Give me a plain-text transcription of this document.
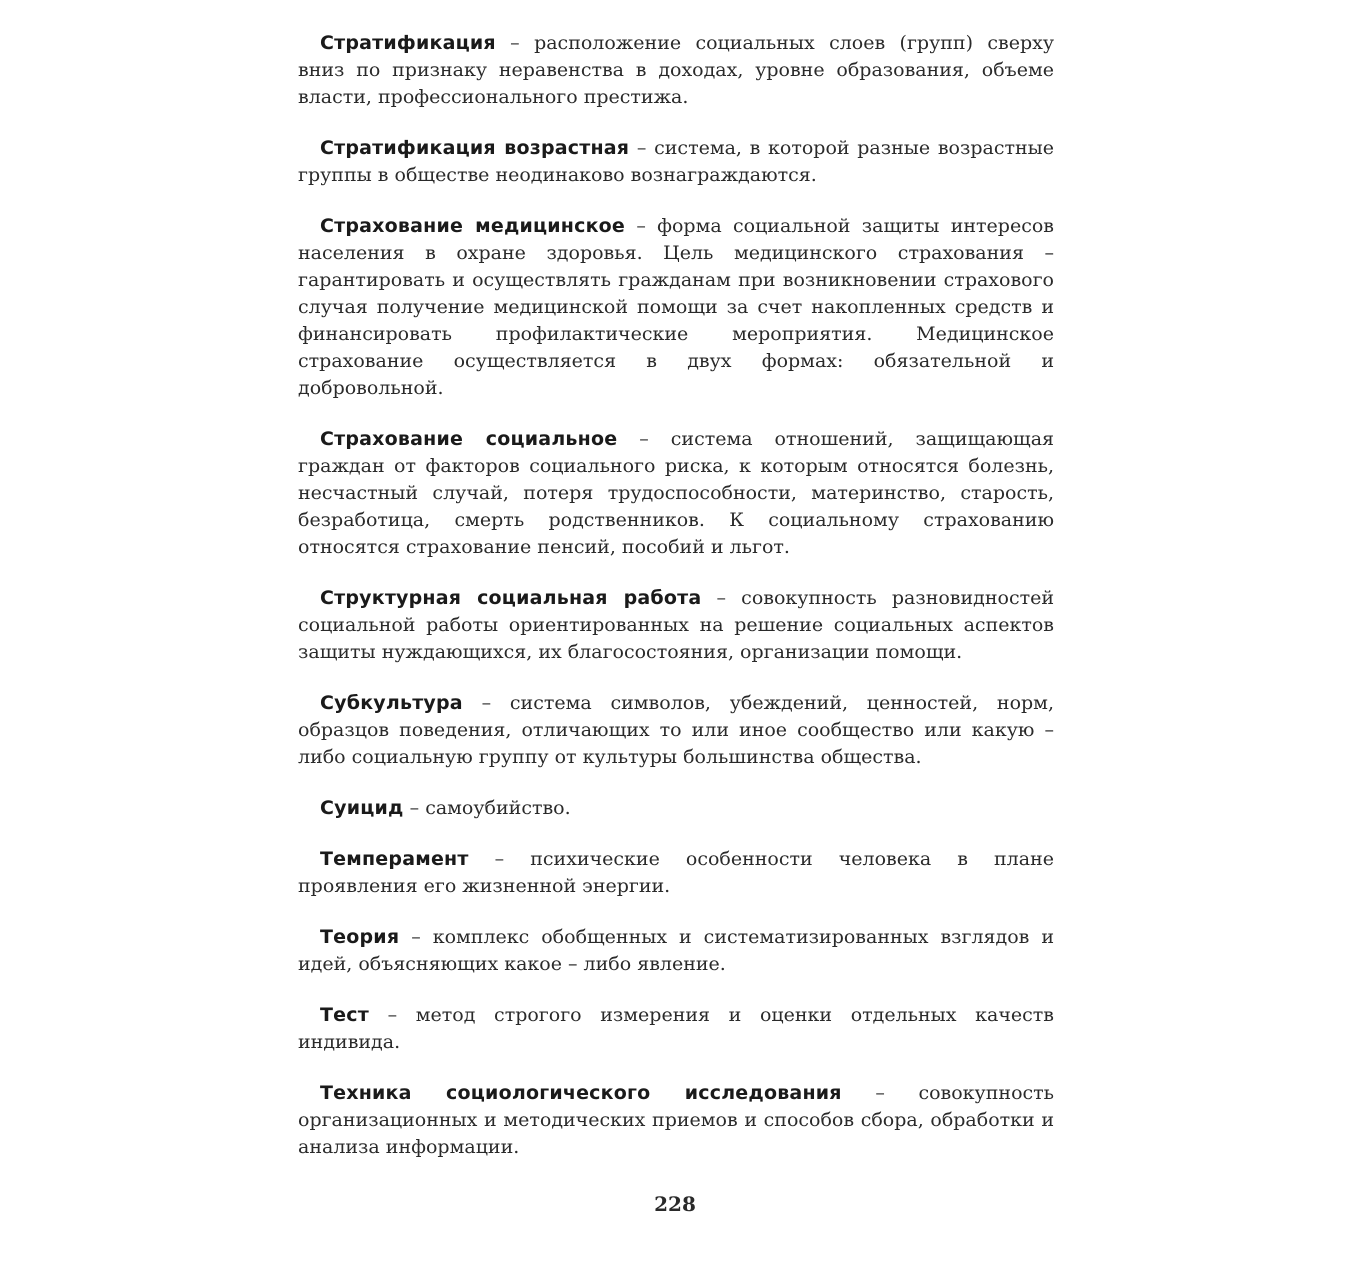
Стратификация – расположение социальных слоев (групп) сверху вниз по признаку неравенства в доходах, уровне образования, объеме власти, профессионального престижа.

Стратификация возрастная – система, в которой разные возрастные группы в обществе неодинаково вознаграждаются.

Страхование медицинское – форма социальной защиты интересов населения в охране здоровья. Цель медицинского страхования – гарантировать и осуществлять гражданам при возникновении страхового случая получение медицинской помощи за счет накопленных средств и финансировать профилактические мероприятия. Медицинское страхование осуществляется в двух формах: обязательной и добровольной.

Страхование социальное – система отношений, защищающая граждан от факторов социального риска, к которым относятся болезнь, несчастный случай, потеря трудоспособности, материнство, старость, безработица, смерть родственников. К социальному страхованию относятся страхование пенсий, пособий и льгот.

Структурная социальная работа – совокупность разновидностей социальной работы ориентированных на решение социальных аспектов защиты нуждающихся, их благосостояния, организации помощи.

Субкультура – система символов, убеждений, ценностей, норм, образцов поведения, отличающих то или иное сообщество или какую – либо социальную группу от культуры большинства общества.

Суицид – самоубийство.

Темперамент – психические особенности человека в плане проявления его жизненной энергии.

Теория – комплекс обобщенных и систематизированных взглядов и идей, объясняющих какое – либо явление.

Тест – метод строгого измерения и оценки отдельных качеств индивида.

Техника социологического исследования – совокупность организационных и методических приемов и способов сбора, обработки и анализа информации.

228
